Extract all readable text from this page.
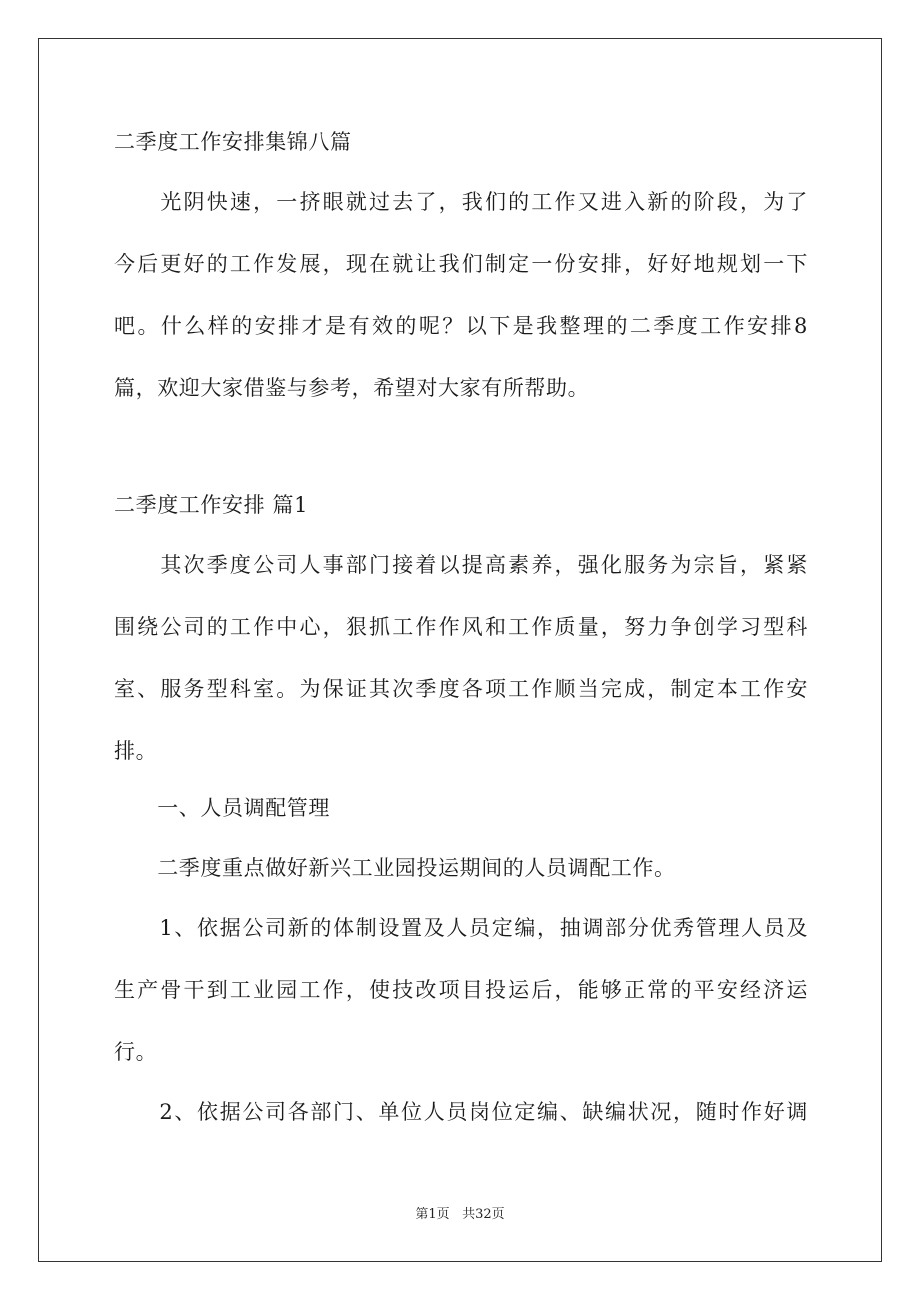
二季度工作安排集锦八篇
　　光阴快速，一挤眼就过去了，我们的工作又进入新的阶段，为了
今后更好的工作发展，现在就让我们制定一份安排，好好地规划一下
吧。什么样的安排才是有效的呢？以下是我整理的二季度工作安排8
篇，欢迎大家借鉴与参考，希望对大家有所帮助。
二季度工作安排 篇1
　　其次季度公司人事部门接着以提高素养，强化服务为宗旨，紧紧
围绕公司的工作中心，狠抓工作作风和工作质量，努力争创学习型科
室、服务型科室。为保证其次季度各项工作顺当完成，制定本工作安
排。
　　一、人员调配管理
　　二季度重点做好新兴工业园投运期间的人员调配工作。
　　1、依据公司新的体制设置及人员定编，抽调部分优秀管理人员及
生产骨干到工业园工作，使技改项目投运后，能够正常的平安经济运
行。
　　2、依据公司各部门、单位人员岗位定编、缺编状况，随时作好调
第1页 共32页
